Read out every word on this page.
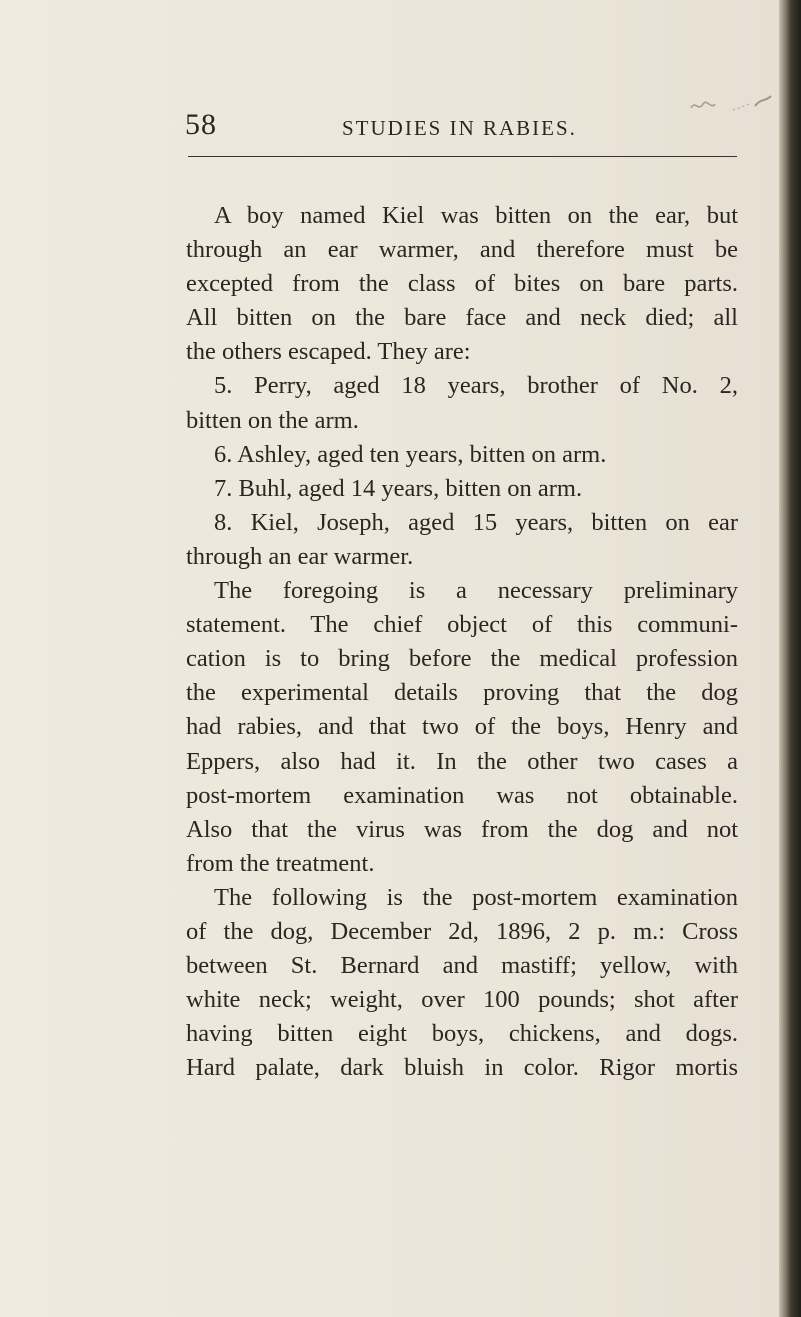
58	STUDIES IN RABIES.
A boy named Kiel was bitten on the ear, but
through an ear warmer, and therefore must be
excepted from the class of bites on bare parts.
All bitten on the bare face and neck died; all
the others escaped. They are:
5. Perry, aged 18 years, brother of No. 2,
bitten on the arm.
6. Ashley, aged ten years, bitten on arm.
7. Buhl, aged 14 years, bitten on arm.
8. Kiel, Joseph, aged 15 years, bitten on ear
through an ear warmer.
The foregoing is a necessary preliminary
statement. The chief object of this communi-
cation is to bring before the medical profession
the experimental details proving that the dog
had rabies, and that two of the boys, Henry and
Eppers, also had it. In the other two cases a
post-mortem examination was not obtainable.
Also that the virus was from the dog and not
from the treatment.
The following is the post-mortem examination
of the dog, December 2d, 1896, 2 p. m.: Cross
between St. Bernard and mastiff; yellow, with
white neck; weight, over 100 pounds; shot after
having bitten eight boys, chickens, and dogs.
Hard palate, dark bluish in color. Rigor mortis
